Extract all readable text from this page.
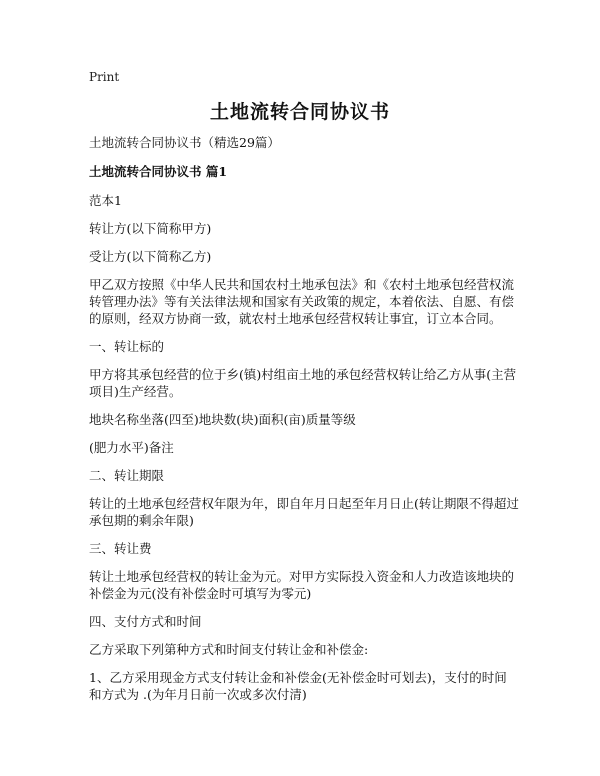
Print
土地流转合同协议书

土地流转合同协议书（精选29篇）

土地流转合同协议书 篇1

范本1

转让方(以下简称甲方)

受让方(以下简称乙方)

甲乙双方按照《中华人民共和国农村土地承包法》和《农村土地承包经营权流转管理办法》等有关法律法规和国家有关政策的规定，本着依法、自愿、有偿的原则，经双方协商一致，就农村土地承包经营权转让事宜，订立本合同。

一、转让标的

甲方将其承包经营的位于乡(镇)村组亩土地的承包经营权转让给乙方从事(主营项目)生产经营。

地块名称坐落(四至)地块数(块)面积(亩)质量等级

(肥力水平)备注

二、转让期限

转让的土地承包经营权年限为年，即自年月日起至年月日止(转让期限不得超过承包期的剩余年限)

三、转让费

转让土地承包经营权的转让金为元。对甲方实际投入资金和人力改造该地块的补偿金为元(没有补偿金时可填写为零元)

四、支付方式和时间

乙方采取下列第种方式和时间支付转让金和补偿金:

1、乙方采用现金方式支付转让金和补偿金(无补偿金时可划去)，支付的时间和方式为 .(为年月日前一次或多次付清)
